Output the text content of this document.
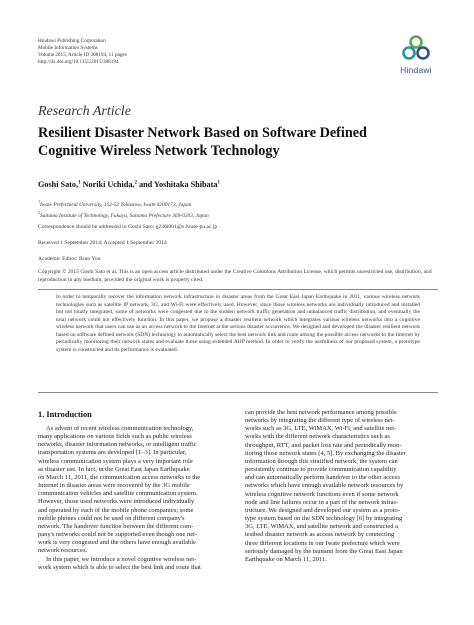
Hindawi Publishing Corporation
Mobile Information Systems
Volume 2015, Article ID 308194, 11 pages
http://dx.doi.org/10.1155/2015/308194
Hindawi
Research Article
Resilient Disaster Network Based on Software Defined
Cognitive Wireless Network Technology
Goshi Sato,$^1$ Noriki Uchida,$^2$ and Yoshitaka Shibata$^1$
$^1$Iwate Prefectural University, 152-52 Takizawa, Iwate 0200173, Japan
$^2$Saitama Institute of Technology, Fukaya, Saitama Prefecture 369-0203, Japan
Correspondence should be addressed to Goshi Sato; g236i001@s.iwate-pu.ac.jp
Received 1 September 2014; Accepted 1 September 2014
Academic Editor: Ilsun You
Copyright © 2015 Goshi Sato et al. This is an open access article distributed under the Creative Commons Attribution License, which permits unrestricted use, distribution, and reproduction in any medium, provided the original work is properly cited.
In order to temporally recover the information network infrastructure in disaster areas from the Great East Japan Earthquake in 2011, various wireless network technologies such as satellite IP network, 3G, and Wi-Fi were effectively used. However, since those wireless networks are individually introduced and installed but not totally integrated, some of networks were congested due to the sudden network traffic generation and unbalanced traffic distribution, and eventually the total network could not effectively function. In this paper, we propose a disaster resilient network which integrates various wireless networks into a cognitive wireless network that users can use as an access network to the Internet at the serious disaster occurrence. We designed and developed the disaster resilient network based on software defined network (SDN) technology to automatically select the best network link and route among the possible access networks to the Internet by periodically monitoring their network states and evaluate those using extended AHP method. In order to verify the usefulness of our proposed system, a prototype system is constructed and its performance is evaluated.
1. Introduction
As advent of recent wireless communication technology,
many applications on various fields such as public wireless
networks, disaster information networks, or intelligent traffic
transportation systems are developed [1–3]. In particular,
wireless communication system plays a very important role
as disaster use. In fact, in the Great East Japan Earthquake
on March 11, 2011, the communication access networks to the
Internet in disaster areas were recovered by the 3G mobile
communication vehicles and satellite communication system.
However, those used networks were introduced individually
and operated by each of the mobile phone companies; some
mobile phones could not be used on different company's
network. The handover function between the different com-
pany's networks could not be supported even though one net-
work is very congested and the others have enough available
network resources.
In this paper, we introduce a novel cognitive wireless net-
work system which is able to select the best link and route that
can provide the best network performance among possible
networks by integrating the different type of wireless net-
works such as 3G, LTE, WiMAX, Wi-Fi, and satellite net-
works with the different network characteristics such as
throughput, RTT, and packet loss rate and periodically mon-
itoring those network states [4, 5]. By exchanging the disaster
information through this stratified network, the system can
persistently continue to provide communication capability
and can automatically perform handover to the other access
networks which have enough available network resources by
wireless cognitive network functions even if some network
node and line failures occur in a part of the network infras-
tructure. We designed and developed our system as a proto-
type system based on the SDN technology [6] by integrating
3G, LTE, WiMAX, and satellite network and constructed a
testbed disaster network as access network by connecting
three different locations in our Iwate prefecture which were
seriously damaged by the tsunami from the Great East Japan
Earthquake on March 11, 2011.
